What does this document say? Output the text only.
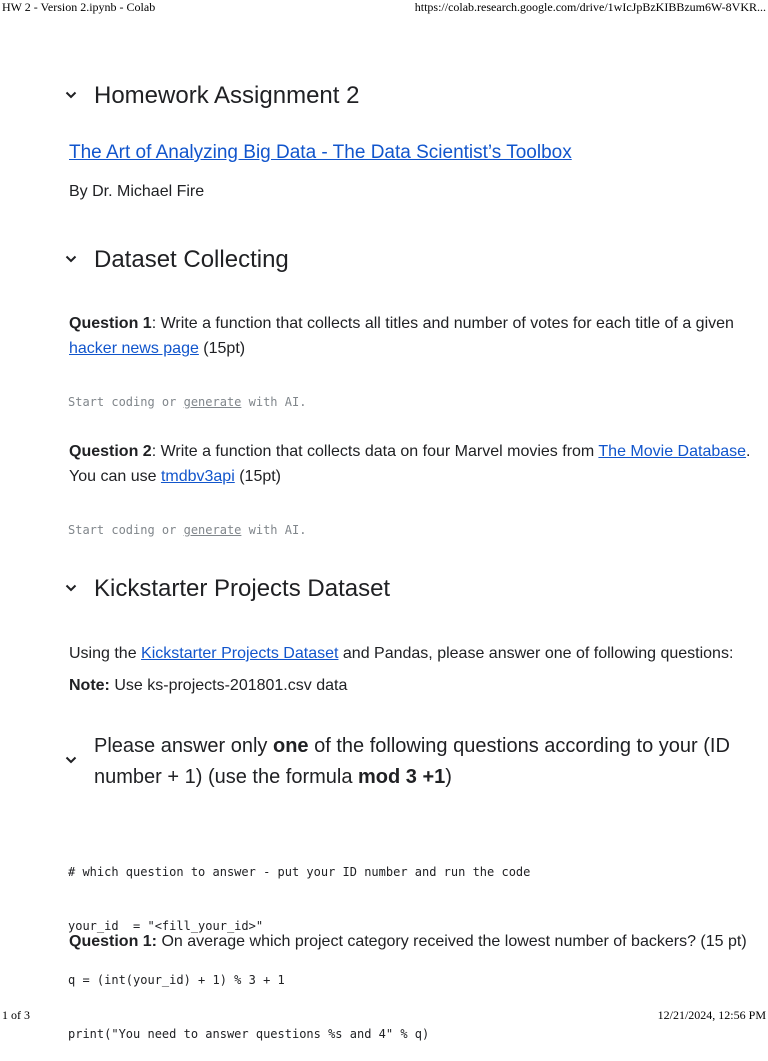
HW 2 - Version 2.ipynb - Colab	https://colab.research.google.com/drive/1wIcJpBzKIBBzum6W-8VKR...
Homework Assignment 2
The Art of Analyzing Big Data - The Data Scientist’s Toolbox
By Dr. Michael Fire
Dataset Collecting
Question 1: Write a function that collects all titles and number of votes for each title of a given
hacker news page (15pt)
Start coding or generate with AI.
Question 2: Write a function that collects data on four Marvel movies from The Movie Database.
You can use tmdbv3api (15pt)
Start coding or generate with AI.
Kickstarter Projects Dataset
Using the Kickstarter Projects Dataset and Pandas, please answer one of following questions:
Note: Use ks-projects-201801.csv data
Please answer only one of the following questions according to your (ID number + 1) (use the formula mod 3 +1)

# which question to answer - put your ID number and run the code

your_id  = "<fill_your_id>"

q = (int(your_id) + 1) % 3 + 1

print("You need to answer questions %s and 4" % q)

Question 1: On average which project category received the lowest number of backers? (15 pt)
1 of 3	12/21/2024, 12:56 PM
